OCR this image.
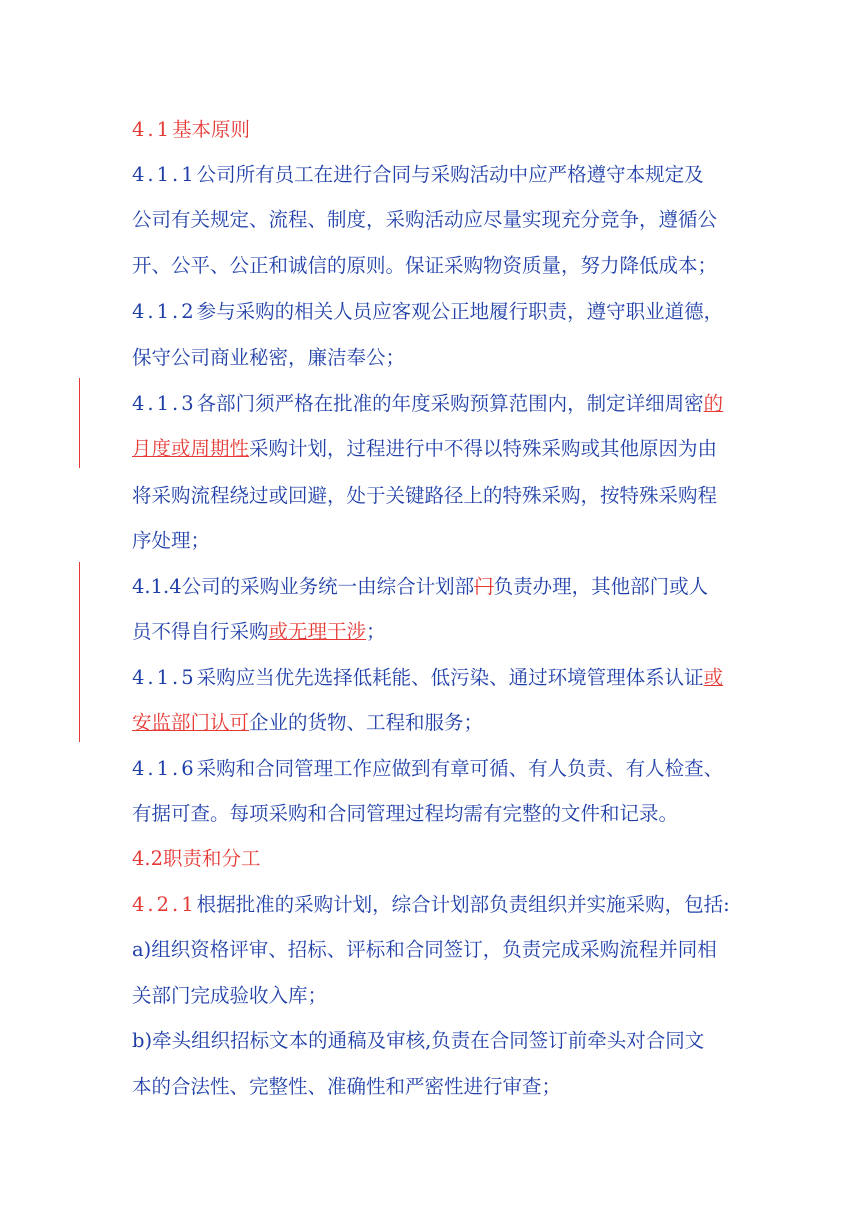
4.1基本原则
4.1.1公司所有员工在进行合同与采购活动中应严格遵守本规定及
公司有关规定、流程、制度，采购活动应尽量实现充分竞争，遵循公
开、公平、公正和诚信的原则。保证采购物资质量，努力降低成本；
4.1.2参与采购的相关人员应客观公正地履行职责，遵守职业道德，
保守公司商业秘密，廉洁奉公；
4.1.3各部门须严格在批准的年度采购预算范围内，制定详细周密的
月度或周期性采购计划，过程进行中不得以特殊采购或其他原因为由
将采购流程绕过或回避，处于关键路径上的特殊采购，按特殊采购程
序处理；
4.1.4公司的采购业务统一由综合计划部门负责办理，其他部门或人
员不得自行采购或无理干涉；
4.1.5采购应当优先选择低耗能、低污染、通过环境管理体系认证或
安监部门认可企业的货物、工程和服务；
4.1.6采购和合同管理工作应做到有章可循、有人负责、有人检查、
有据可查。每项采购和合同管理过程均需有完整的文件和记录。
4.2职责和分工
4.2.1根据批准的采购计划，综合计划部负责组织并实施采购，包括:
a)组织资格评审、招标、评标和合同签订，负责完成采购流程并同相
关部门完成验收入库；
b)牵头组织招标文本的通稿及审核,负责在合同签订前牵头对合同文
本的合法性、完整性、准确性和严密性进行审查；
